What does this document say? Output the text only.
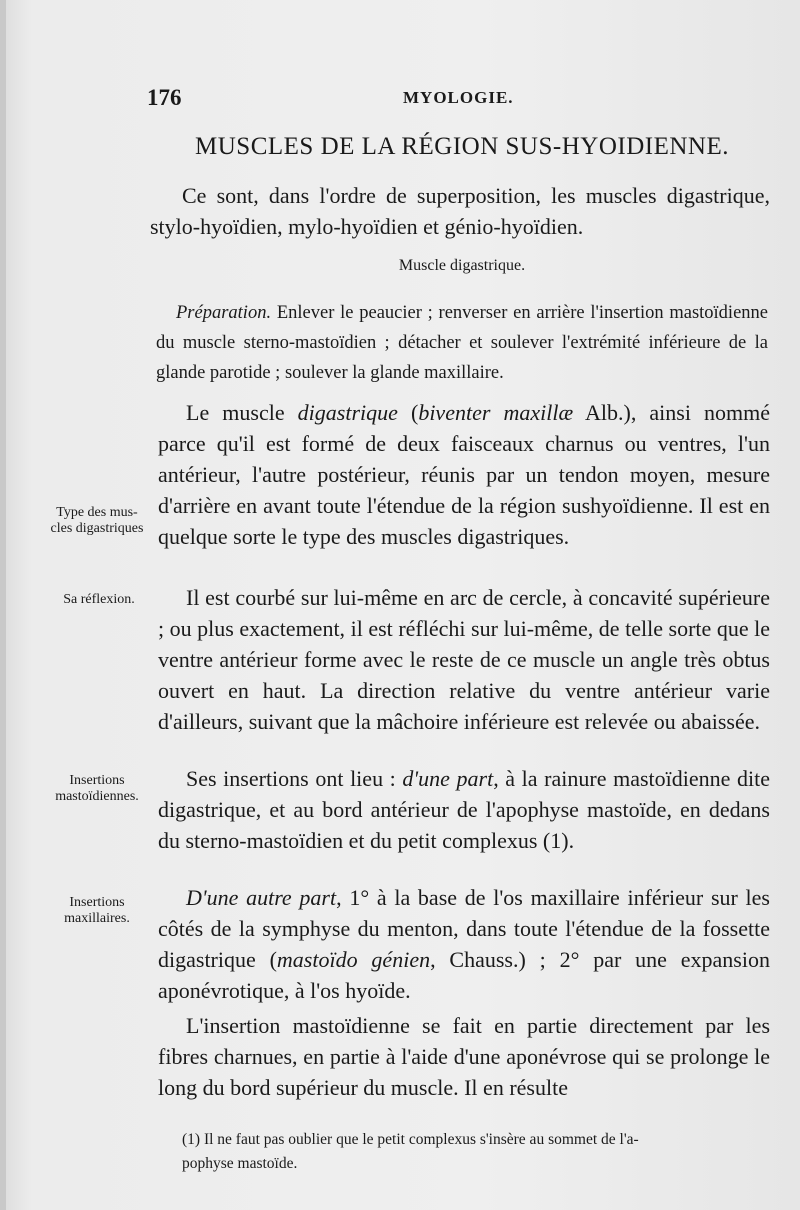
176	MYOLOGIE.
MUSCLES DE LA RÉGION SUS-HYOIDIENNE.

Ce sont, dans l'ordre de superposition, les muscles digastrique, stylo-hyoïdien, mylo-hyoïdien et génio-hyoïdien.

Muscle digastrique.

Préparation. Enlever le peaucier ; renverser en arrière l'insertion mastoïdienne du muscle sterno-mastoïdien ; détacher et soulever l'extrémité inférieure de la glande parotide ; soulever la glande maxillaire.

Le muscle digastrique (biventer maxillæ Alb.), ainsi nommé parce qu'il est formé de deux faisceaux charnus ou ventres, l'un antérieur, l'autre postérieur, réunis par un tendon moyen, mesure d'arrière en avant toute l'étendue de la région sushyoïdienne. Il est en quelque sorte le type des muscles digastriques.

Il est courbé sur lui-même en arc de cercle, à concavité supérieure ; ou plus exactement, il est réfléchi sur lui-même, de telle sorte que le ventre antérieur forme avec le reste de ce muscle un angle très obtus ouvert en haut. La direction relative du ventre antérieur varie d'ailleurs, suivant que la mâchoire inférieure est relevée ou abaissée.

Ses insertions ont lieu : d'une part, à la rainure mastoïdienne dite digastrique, et au bord antérieur de l'apophyse mastoïde, en dedans du sterno-mastoïdien et du petit complexus (1).

D'une autre part, 1° à la base de l'os maxillaire inférieur sur les côtés de la symphyse du menton, dans toute l'étendue de la fossette digastrique (mastoïdo génien, Chauss.) ; 2° par une expansion aponévrotique, à l'os hyoïde.

L'insertion mastoïdienne se fait en partie directement par les fibres charnues, en partie à l'aide d'une aponévrose qui se prolonge le long du bord supérieur du muscle. Il en résulte

Type des mus-
cles digastriques
Sa réflexion.
Insertions
mastoïdiennes.
Insertions
maxillaires.

(1) Il ne faut pas oublier que le petit complexus s'insère au sommet de l'a-
pophyse mastoïde.
